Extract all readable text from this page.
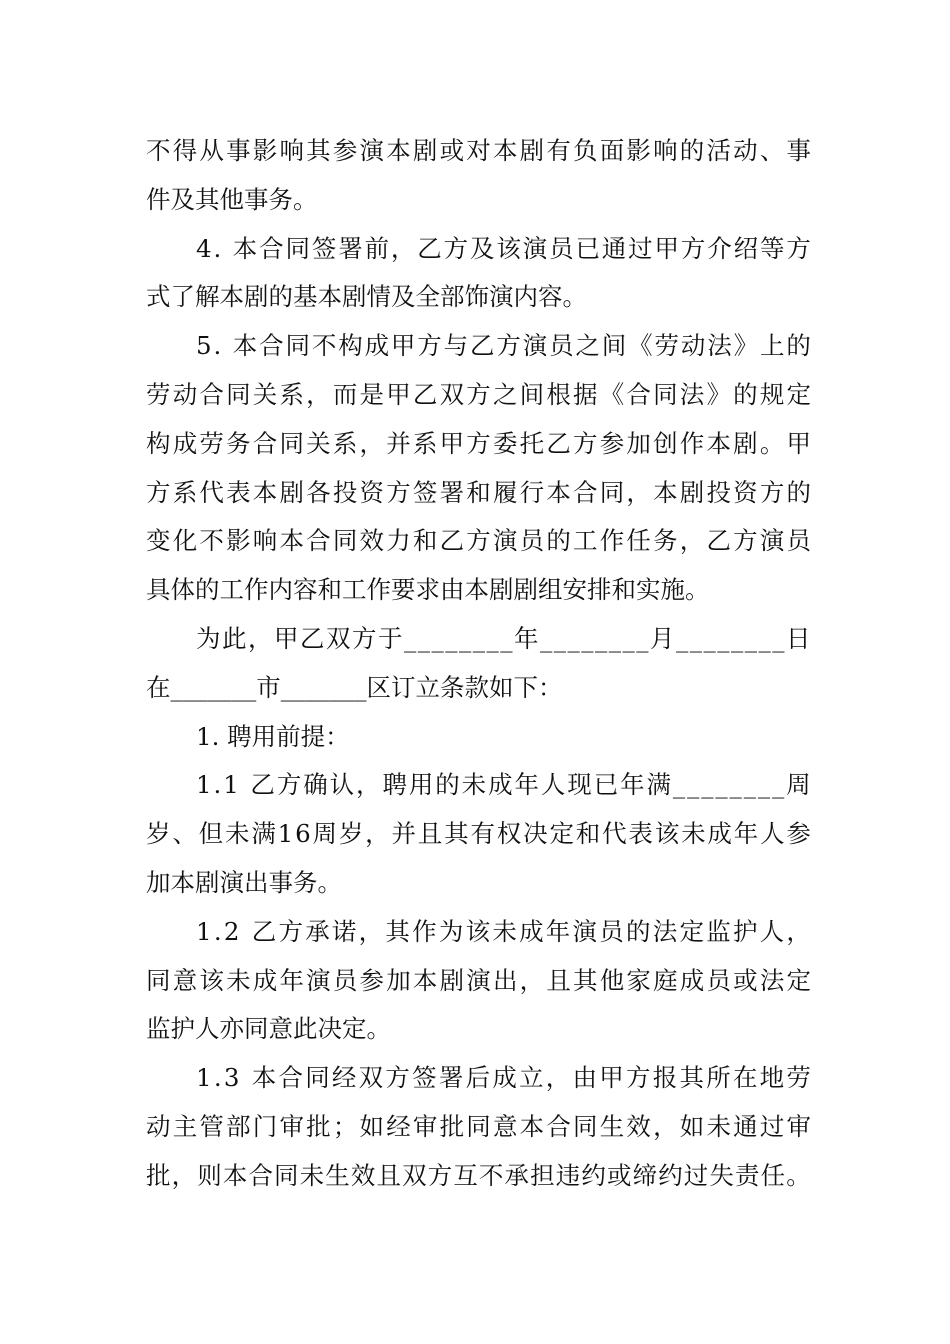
不 得 从 事 影 响 其 参 演 本 剧 或 对 本 剧 有 负 面 影 响 的 活 动 、 事
件及其他事务。
4 .
本 合 同 签 署 前 ， 乙 方 及 该 演 员 已 通 过 甲 方 介 绍 等 方
式了解本剧的基本剧情及全部饰演内容。
5 .
本 合 同 不 构 成 甲 方 与 乙 方 演 员 之 间 《 劳 动 法 》 上 的
劳 动 合 同 关 系 ， 而 是 甲 乙 双 方 之 间 根 据 《 合 同 法 》 的 规 定
构 成 劳 务 合 同 关 系 ， 并 系 甲 方 委 托 乙 方 参 加 创 作 本 剧 。 甲
方 系 代 表 本 剧 各 投 资 方 签 署 和 履 行 本 合 同 ， 本 剧 投 资 方 的
变 化 不 影 响 本 合 同 效 力 和 乙 方 演 员 的 工 作 任 务 ， 乙 方 演 员
具体的工作内容和工作要求由本剧剧组安排和实施。
为 此 ， 甲 乙 双 方 于 _ _ _ _ _ _ _ _ 年 _ _ _ _ _ _ _ _ 月 _ _ _ _ _ _ _ _ 日
在_______市_______区订立条款如下：
1. 聘用前提：
1 . 1
乙 方 确 认 ， 聘 用 的 未 成 年 人 现 已 年 满 _ _ _ _ _ _ _ _ 周
岁 、 但 未 满 1 6 周 岁 ， 并 且 其 有 权 决 定 和 代 表 该 未 成 年 人 参
加本剧演出事务。
1 . 2
乙 方 承 诺 ， 其 作 为 该 未 成 年 演 员 的 法 定 监 护 人 ，
同 意 该 未 成 年 演 员 参 加 本 剧 演 出 ， 且 其 他 家 庭 成 员 或 法 定
监护人亦同意此决定。
1 . 3
本 合 同 经 双 方 签 署 后 成 立 ， 由 甲 方 报 其 所 在 地 劳
动 主 管 部 门 审 批 ； 如 经 审 批 同 意 本 合 同 生 效 ， 如 未 通 过 审
批 ， 则 本 合 同 未 生 效 且 双 方 互 不 承 担 违 约 或 缔 约 过 失 责 任 。
